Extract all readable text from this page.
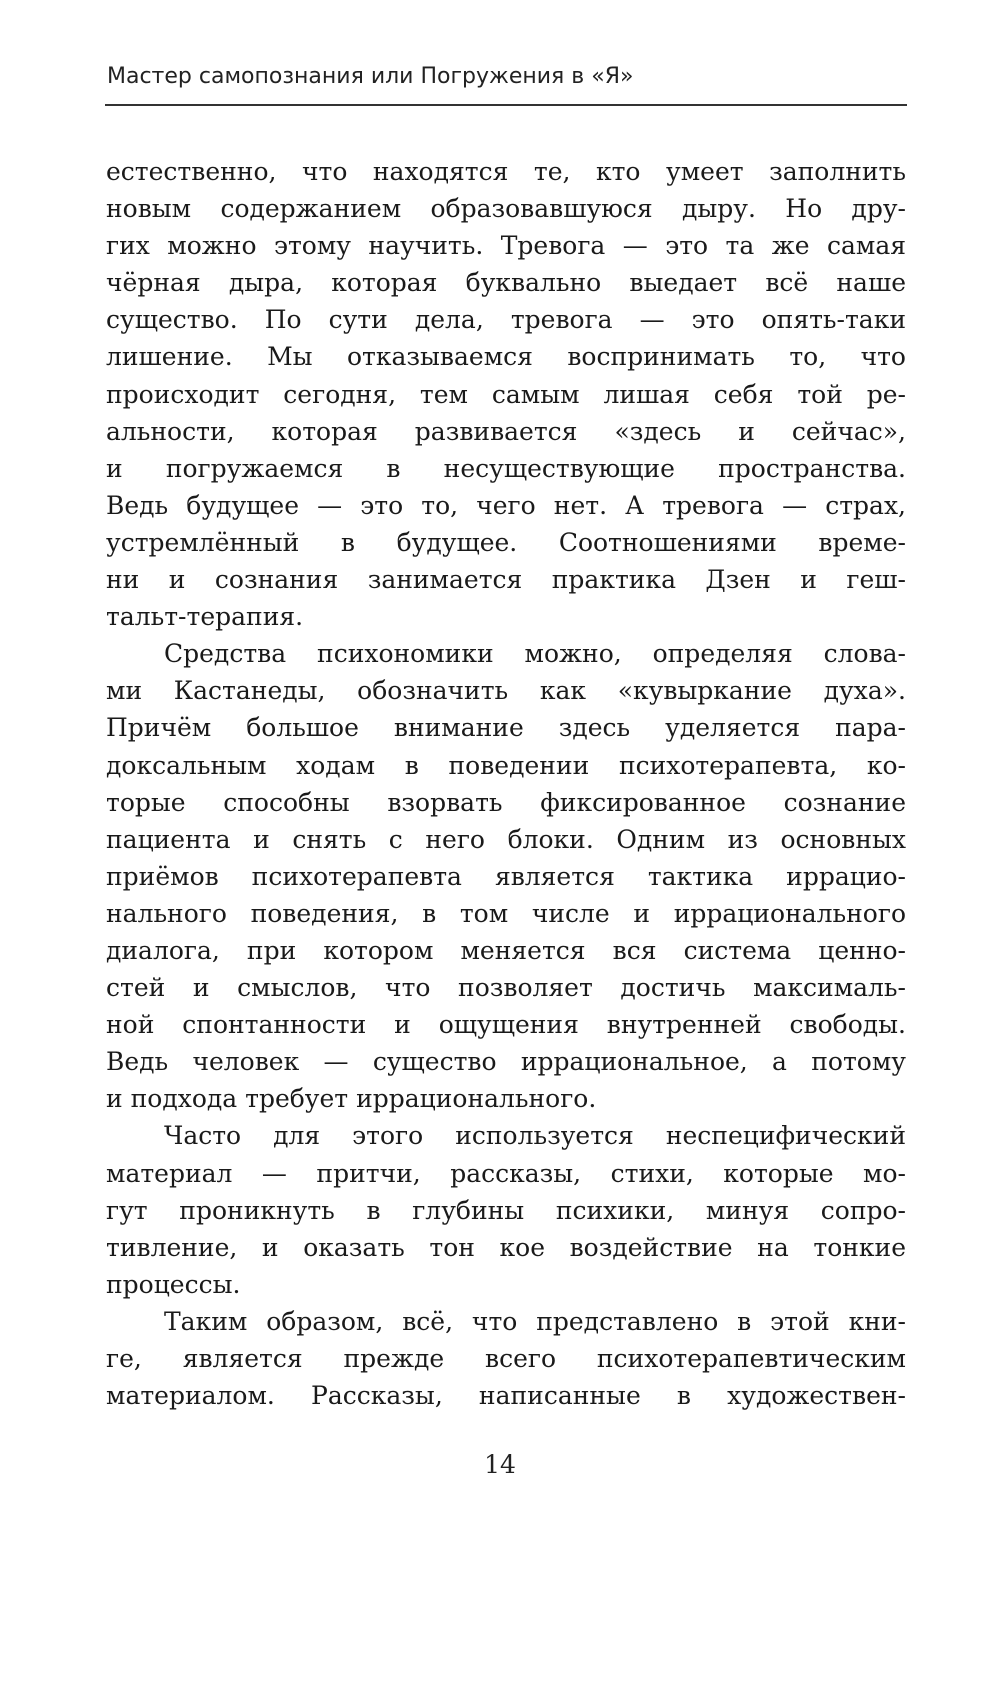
Мастер самопознания или Погружения в «Я»
естественно, что находятся те, кто умеет заполнить
новым содержанием образовавшуюся дыру. Но дру-
гих можно этому научить. Тревога — это та же самая
чёрная дыра, которая буквально выедает всё наше
существо. По сути дела, тревога — это опять-таки
лишение. Мы отказываемся воспринимать то, что
происходит сегодня, тем самым лишая себя той ре-
альности, которая развивается «здесь и сейчас»,
и погружаемся в несуществующие пространства.
Ведь будущее — это то, чего нет. А тревога — страх,
устремлённый в будущее. Соотношениями време-
ни и сознания занимается практика Дзен и геш-
тальт-терапия.
Средства психономики можно, определяя слова-
ми Кастанеды, обозначить как «кувыркание духа».
Причём большое внимание здесь уделяется пара-
доксальным ходам в поведении психотерапевта, ко-
торые способны взорвать фиксированное сознание
пациента и снять с него блоки. Одним из основных
приёмов психотерапевта является тактика иррацио-
нального поведения, в том числе и иррационального
диалога, при котором меняется вся система ценно-
стей и смыслов, что позволяет достичь максималь-
ной спонтанности и ощущения внутренней свободы.
Ведь человек — существо иррациональное, а потому
и подхода требует иррационального.
Часто для этого используется неспецифический
материал — притчи, рассказы, стихи, которые мо-
гут проникнуть в глубины психики, минуя сопро-
тивление, и оказать тон кое воздействие на тонкие
процессы.
Таким образом, всё, что представлено в этой кни-
ге, является прежде всего психотерапевтическим
материалом. Рассказы, написанные в художествен-
14
